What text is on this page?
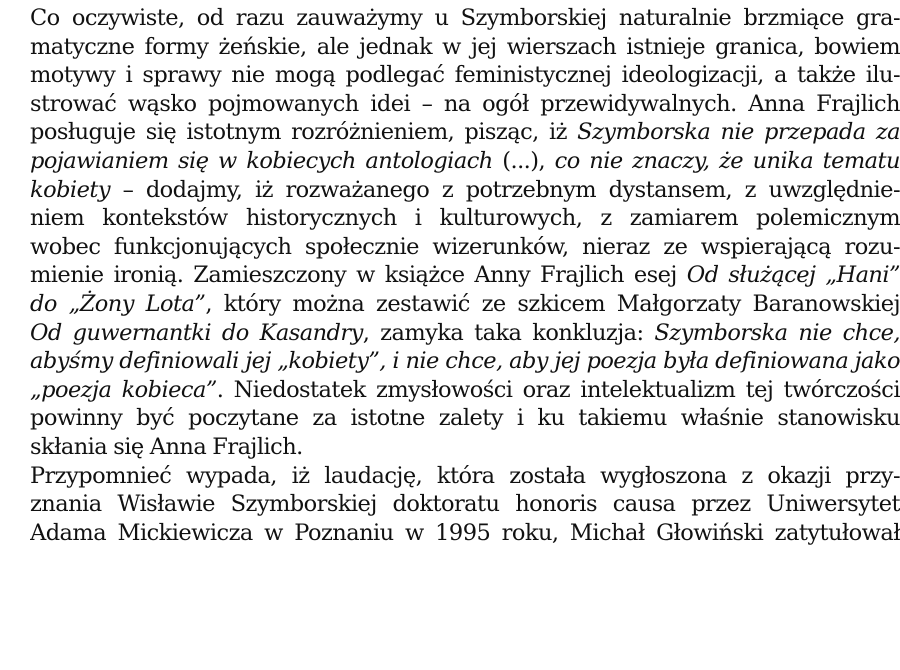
Co oczywiste, od razu zauważymy u Szymborskiej naturalnie brzmiące gra-
matyczne formy żeńskie, ale jednak w jej wierszach istnieje granica, bowiem
motywy i sprawy nie mogą podlegać feministycznej ideologizacji, a także ilu-
strować wąsko pojmowanych idei – na ogół przewidywalnych. Anna Frajlich
posługuje się istotnym rozróżnieniem, pisząc, iż Szymborska nie przepada za
pojawianiem się w kobiecych antologiach (...), co nie znaczy, że unika tematu
kobiety – dodajmy, iż rozważanego z potrzebnym dystansem, z uwzględnie-
niem kontekstów historycznych i kulturowych, z zamiarem polemicznym
wobec funkcjonujących społecznie wizerunków, nieraz ze wspierającą rozu-
mienie ironią. Zamieszczony w książce Anny Frajlich esej Od służącej „Hani”
do „Żony Lota”, który można zestawić ze szkicem Małgorzaty Baranowskiej
Od guwernantki do Kasandry, zamyka taka konkluzja: Szymborska nie chce,
abyśmy definiowali jej „kobiety”, i nie chce, aby jej poezja była definiowana jako
„poezja kobieca”. Niedostatek zmysłowości oraz intelektualizm tej twórczości
powinny być poczytane za istotne zalety i ku takiemu właśnie stanowisku
skłania się Anna Frajlich.
Przypomnieć wypada, iż laudację, która została wygłoszona z okazji przy-
znania Wisławie Szymborskiej doktoratu honoris causa przez Uniwersytet
Adama Mickiewicza w Poznaniu w 1995 roku, Michał Głowiński zatytułował
